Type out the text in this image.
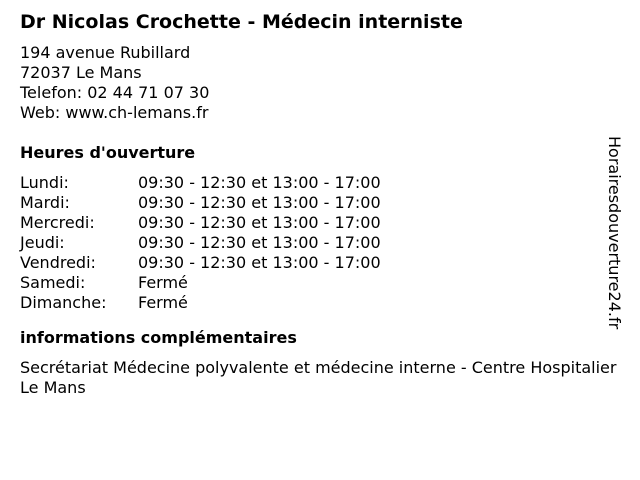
Dr Nicolas Crochette - Médecin interniste
194 avenue Rubillard
72037 Le Mans
Telefon: 02 44 71 07 30
Web: www.ch-lemans.fr
Heures d'ouverture
Lundi:	09:30 - 12:30 et 13:00 - 17:00
Mardi:	09:30 - 12:30 et 13:00 - 17:00
Mercredi:	09:30 - 12:30 et 13:00 - 17:00
Jeudi:	09:30 - 12:30 et 13:00 - 17:00
Vendredi:	09:30 - 12:30 et 13:00 - 17:00
Samedi:	Fermé
Dimanche:	Fermé
informations complémentaires
Secrétariat Médecine polyvalente et médecine interne - Centre Hospitalier Le Mans
Horairesdouverture24.fr
